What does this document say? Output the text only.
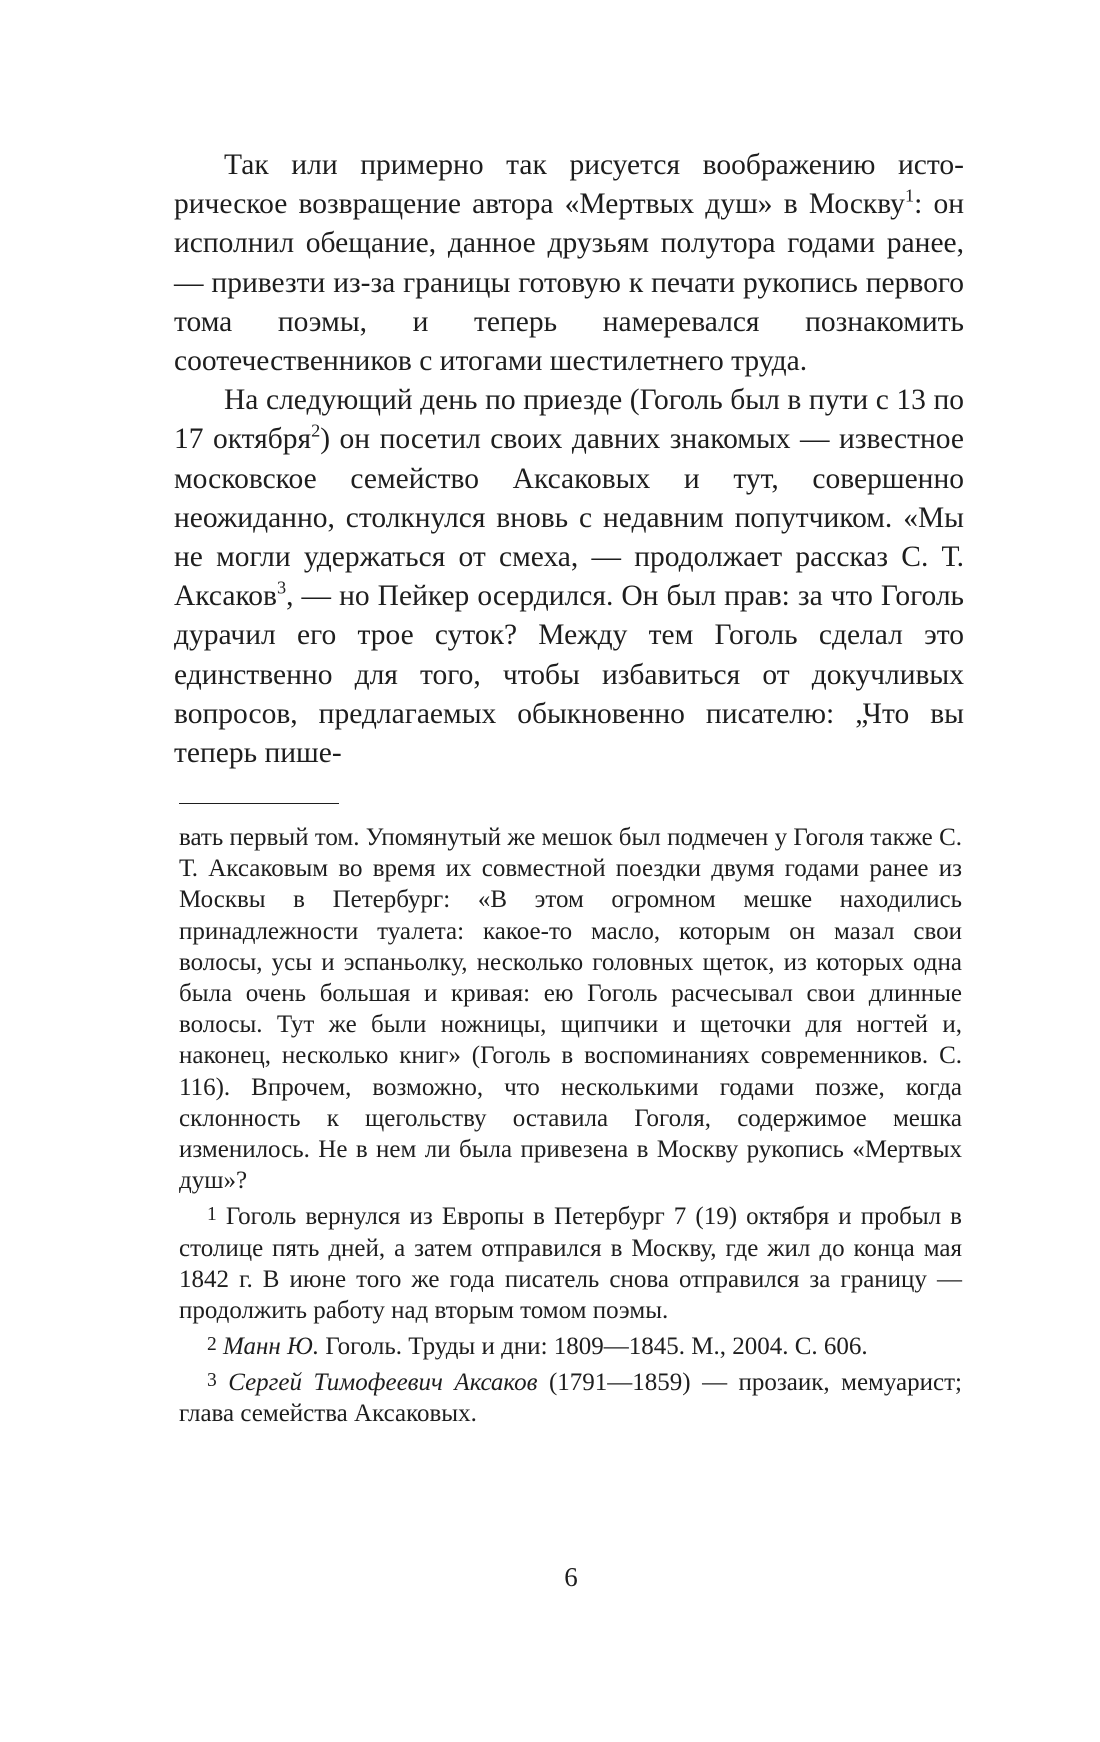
Так или примерно так рисуется воображению историческое возвращение автора «Мертвых душ» в Москву$^1$: он исполнил обещание, данное друзьям полутора годами ранее, — привезти из-за границы готовую к печати рукопись первого тома поэмы, и теперь намеревался познакомить соотечественников с итогами шестилетнего труда.

На следующий день по приезде (Гоголь был в пути с 13 по 17 октября$^2$) он посетил своих давних знакомых — известное московское семейство Аксаковых и тут, совершенно неожиданно, столкнулся вновь с недавним попутчиком. «Мы не могли удержаться от смеха, — продолжает рассказ С. Т. Аксаков$^3$, — но Пейкер осердился. Он был прав: за что Гоголь дурачил его трое суток? Между тем Гоголь сделал это единственно для того, чтобы избавиться от докучливых вопросов, предлагаемых обыкновенно писателю: „Что вы теперь пише-

вать первый том. Упомянутый же мешок был подмечен у Гоголя также С. Т. Аксаковым во время их совместной поездки двумя годами ранее из Москвы в Петербург: «В этом огромном мешке находились принадлежности туалета: какое-то масло, которым он мазал свои волосы, усы и эспаньолку, несколько головных щеток, из которых одна была очень большая и кривая: ею Гоголь расчесывал свои длинные волосы. Тут же были ножницы, щипчики и щеточки для ногтей и, наконец, несколько книг» (Гоголь в воспоминаниях современников. С. 116). Впрочем, возможно, что несколькими годами позже, когда склонность к щегольству оставила Гоголя, содержимое мешка изменилось. Не в нем ли была привезена в Москву рукопись «Мертвых душ»?

1 Гоголь вернулся из Европы в Петербург 7 (19) октября и пробыл в столице пять дней, а затем отправился в Москву, где жил до конца мая 1842 г. В июне того же года писатель снова отправился за границу — продолжить работу над вторым томом поэмы.

2 Манн Ю. Гоголь. Труды и дни: 1809—1845. М., 2004. С. 606.

3 Сергей Тимофеевич Аксаков (1791—1859) — прозаик, мемуарист; глава семейства Аксаковых.

6
